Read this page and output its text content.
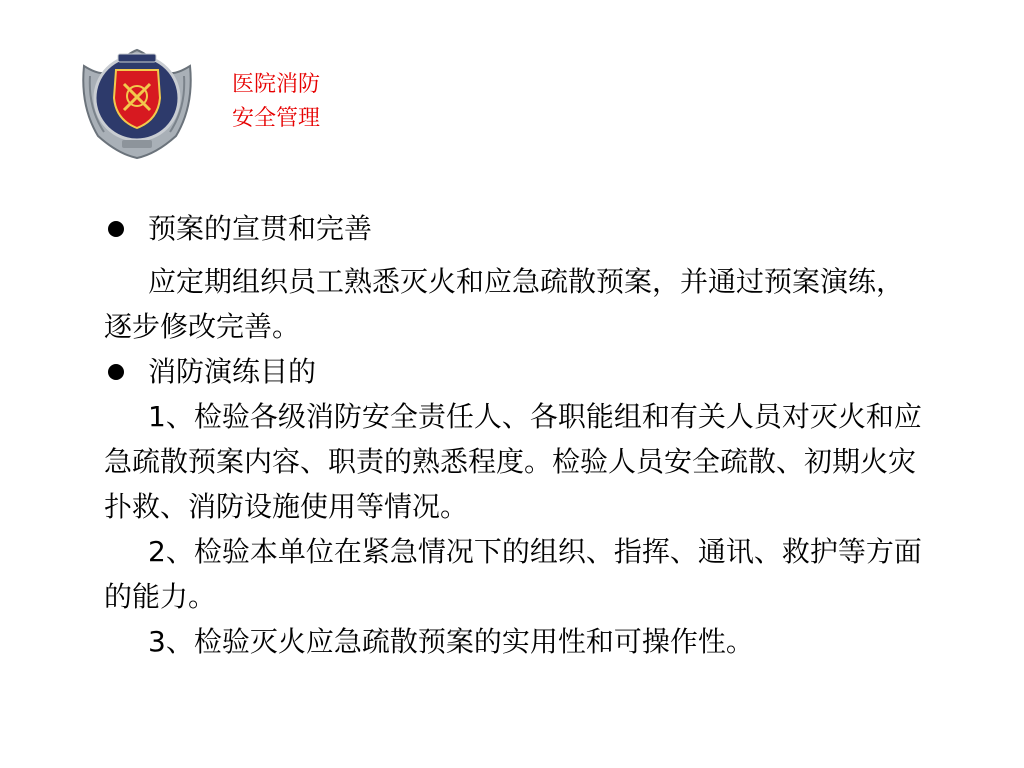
医院消防
安全管理

预案的宣贯和完善

应定期组织员工熟悉灭火和应急疏散预案，并通过预案演练，逐步修改完善。

消防演练目的

1、检验各级消防安全责任人、各职能组和有关人员对灭火和应急疏散预案内容、职责的熟悉程度。检验人员安全疏散、初期火灾扑救、消防设施使用等情况。

2、检验本单位在紧急情况下的组织、指挥、通讯、救护等方面的能力。

3、检验灭火应急疏散预案的实用性和可操作性。
